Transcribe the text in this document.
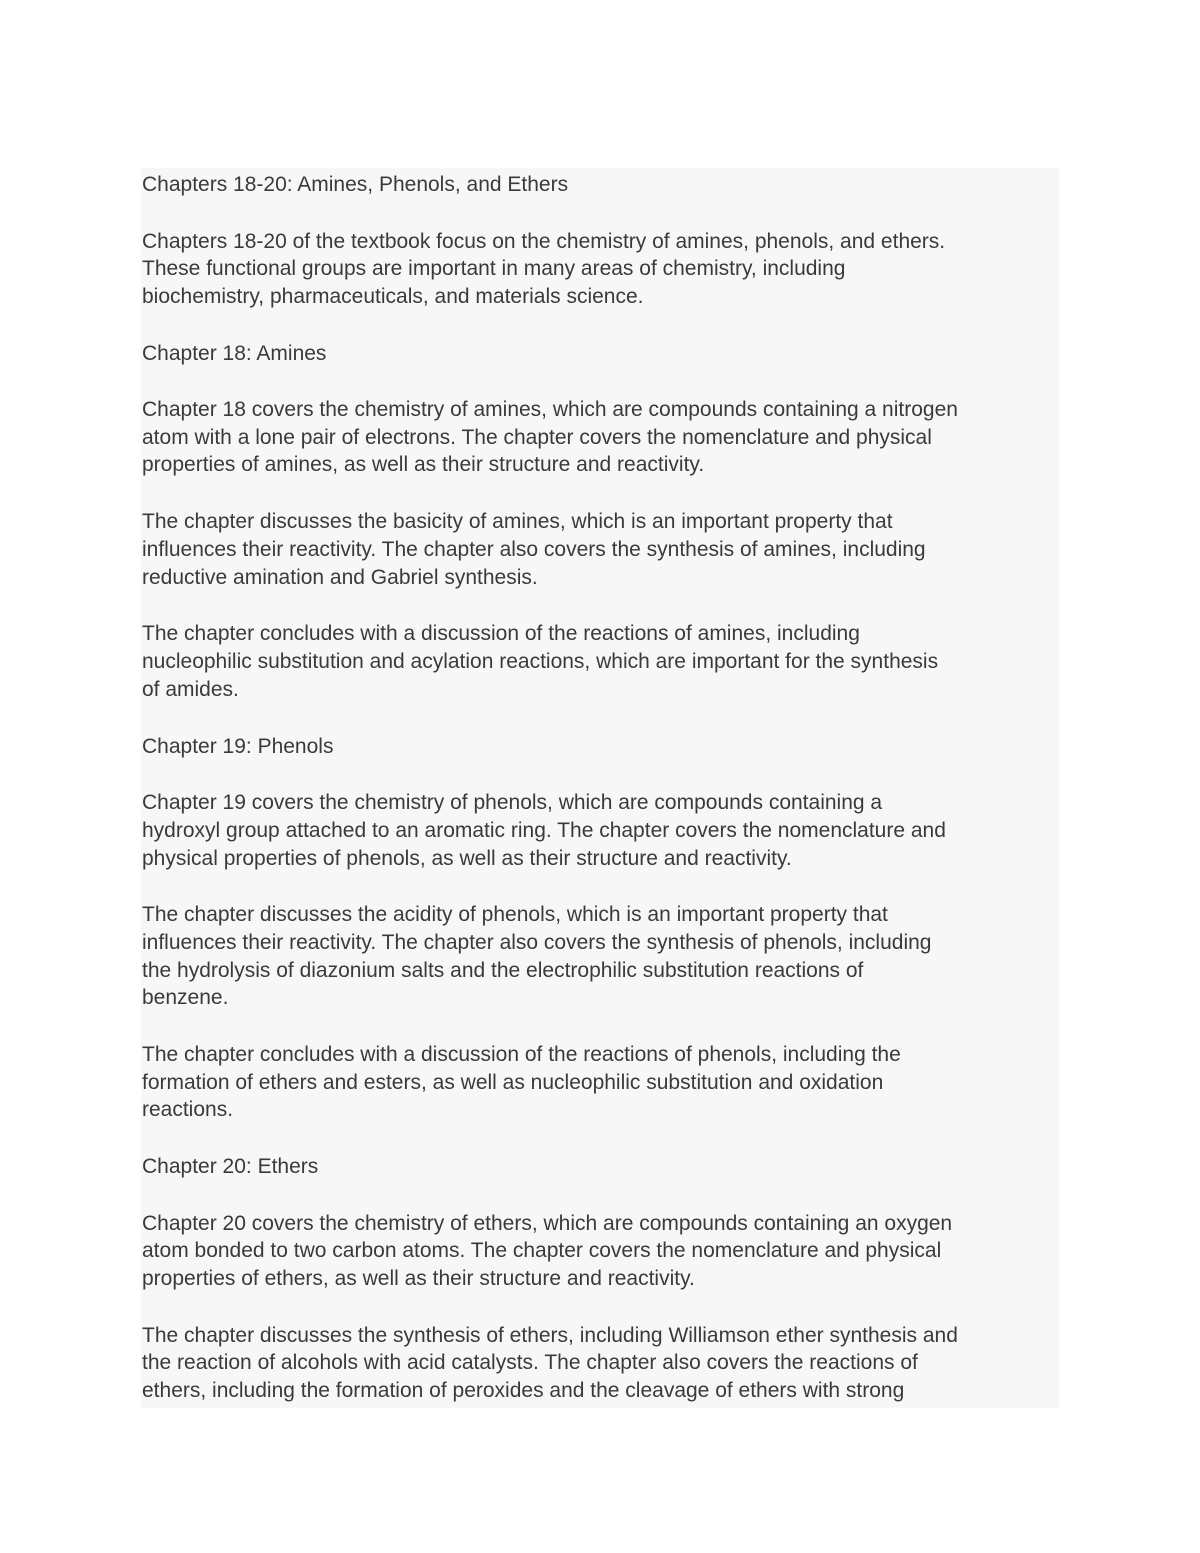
Chapters 18-20: Amines, Phenols, and Ethers
Chapters 18-20 of the textbook focus on the chemistry of amines, phenols, and ethers.
These functional groups are important in many areas of chemistry, including
biochemistry, pharmaceuticals, and materials science.
Chapter 18: Amines
Chapter 18 covers the chemistry of amines, which are compounds containing a nitrogen
atom with a lone pair of electrons. The chapter covers the nomenclature and physical
properties of amines, as well as their structure and reactivity.
The chapter discusses the basicity of amines, which is an important property that
influences their reactivity. The chapter also covers the synthesis of amines, including
reductive amination and Gabriel synthesis.
The chapter concludes with a discussion of the reactions of amines, including
nucleophilic substitution and acylation reactions, which are important for the synthesis
of amides.
Chapter 19: Phenols
Chapter 19 covers the chemistry of phenols, which are compounds containing a
hydroxyl group attached to an aromatic ring. The chapter covers the nomenclature and
physical properties of phenols, as well as their structure and reactivity.
The chapter discusses the acidity of phenols, which is an important property that
influences their reactivity. The chapter also covers the synthesis of phenols, including
the hydrolysis of diazonium salts and the electrophilic substitution reactions of
benzene.
The chapter concludes with a discussion of the reactions of phenols, including the
formation of ethers and esters, as well as nucleophilic substitution and oxidation
reactions.
Chapter 20: Ethers
Chapter 20 covers the chemistry of ethers, which are compounds containing an oxygen
atom bonded to two carbon atoms. The chapter covers the nomenclature and physical
properties of ethers, as well as their structure and reactivity.
The chapter discusses the synthesis of ethers, including Williamson ether synthesis and
the reaction of alcohols with acid catalysts. The chapter also covers the reactions of
ethers, including the formation of peroxides and the cleavage of ethers with strong
